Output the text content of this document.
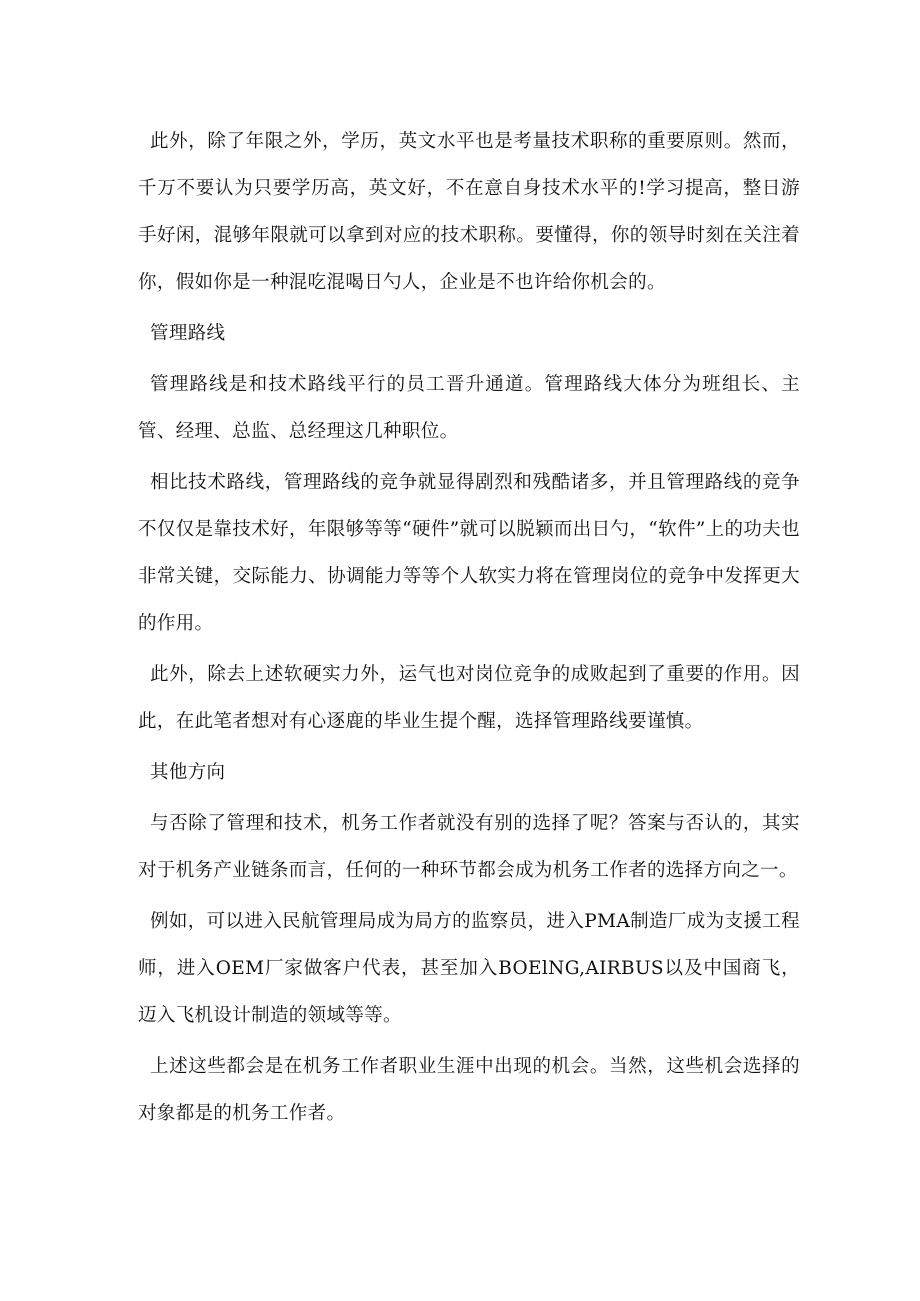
此外，除了年限之外，学历，英文水平也是考量技术职称的重要原则。然而，千万不要认为只要学历高，英文好，不在意自身技术水平的!学习提高，整日游手好闲，混够年限就可以拿到对应的技术职称。要懂得，你的领导时刻在关注着你，假如你是一种混吃混喝日勺人，企业是不也许给你机会的。

管理路线

管理路线是和技术路线平行的员工晋升通道。管理路线大体分为班组长、主管、经理、总监、总经理这几种职位。

相比技术路线，管理路线的竞争就显得剧烈和残酷诸多，并且管理路线的竞争不仅仅是靠技术好，年限够等等“硬件”就可以脱颖而出日勺，“软件”上的功夫也非常关键，交际能力、协调能力等等个人软实力将在管理岗位的竞争中发挥更大的作用。

此外，除去上述软硬实力外，运气也对岗位竞争的成败起到了重要的作用。因此，在此笔者想对有心逐鹿的毕业生提个醒，选择管理路线要谨慎。

其他方向

与否除了管理和技术，机务工作者就没有别的选择了呢？答案与否认的，其实对于机务产业链条而言，任何的一种环节都会成为机务工作者的选择方向之一。

例如，可以进入民航管理局成为局方的监察员，进入PMA制造厂成为支援工程师，进入OEM厂家做客户代表，甚至加入BOElNG,AIRBUS以及中国商飞，迈入飞机设计制造的领域等等。

上述这些都会是在机务工作者职业生涯中出现的机会。当然，这些机会选择的对象都是的机务工作者。
